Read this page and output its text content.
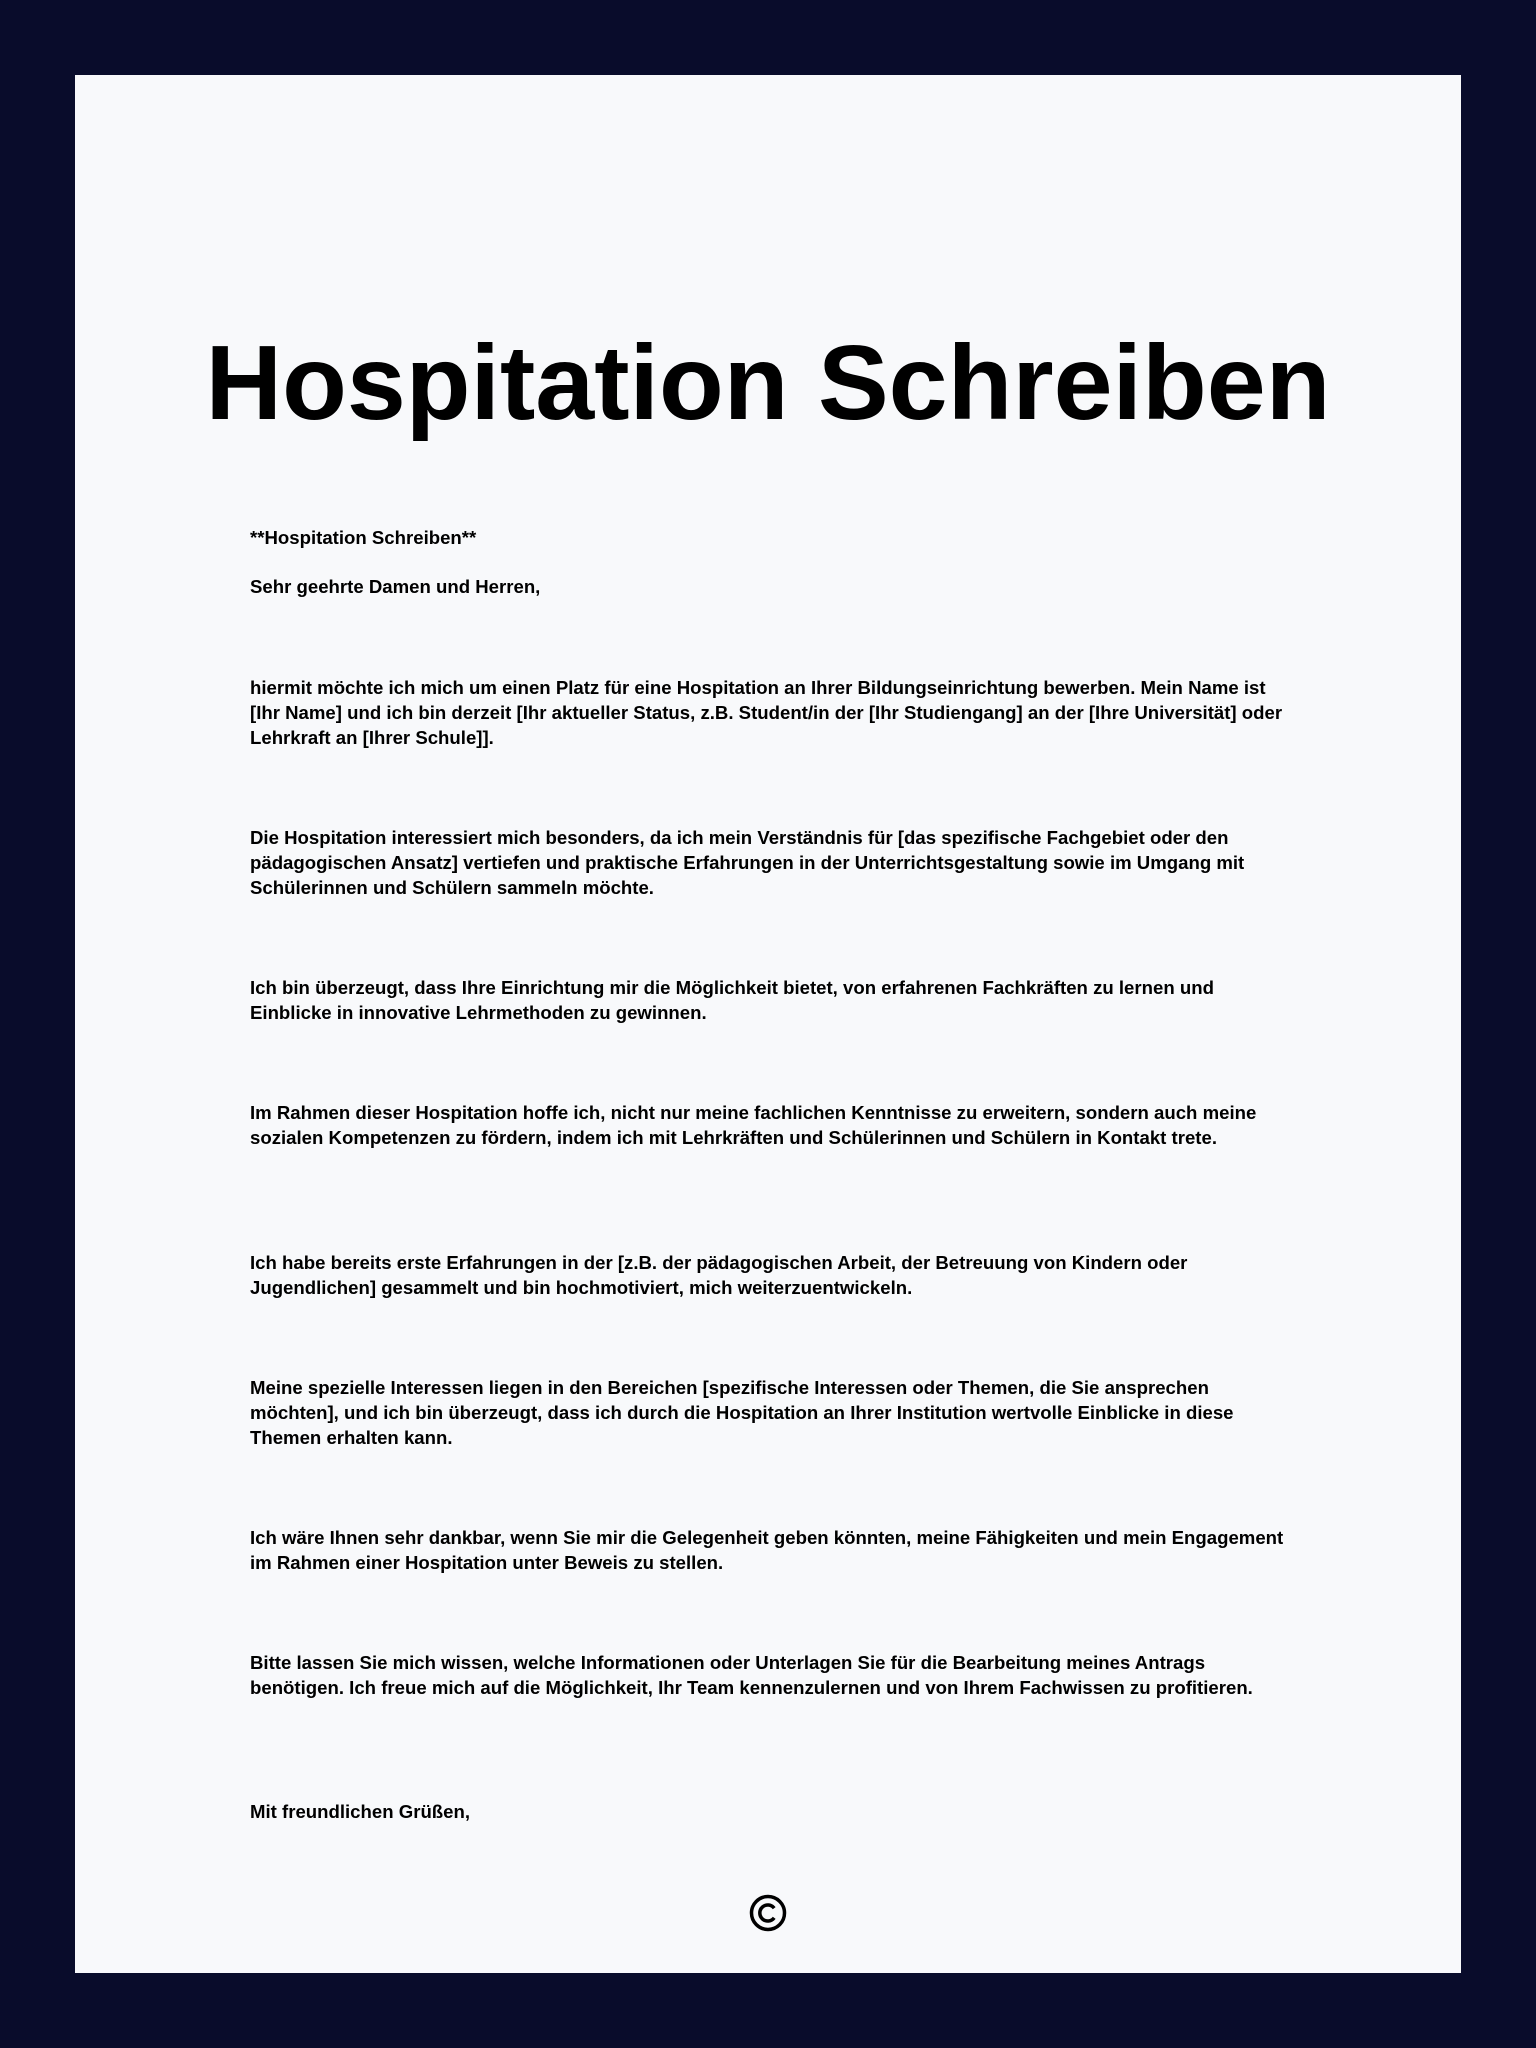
Hospitation Schreiben

**Hospitation Schreiben**

Sehr geehrte Damen und Herren,

hiermit möchte ich mich um einen Platz für eine Hospitation an Ihrer Bildungseinrichtung bewerben. Mein Name ist [Ihr Name] und ich bin derzeit [Ihr aktueller Status, z.B. Student/in der [Ihr Studiengang] an der [Ihre Universität] oder Lehrkraft an [Ihrer Schule]].

Die Hospitation interessiert mich besonders, da ich mein Verständnis für [das spezifische Fachgebiet oder den pädagogischen Ansatz] vertiefen und praktische Erfahrungen in der Unterrichtsgestaltung sowie im Umgang mit Schülerinnen und Schülern sammeln möchte.

Ich bin überzeugt, dass Ihre Einrichtung mir die Möglichkeit bietet, von erfahrenen Fachkräften zu lernen und Einblicke in innovative Lehrmethoden zu gewinnen.

Im Rahmen dieser Hospitation hoffe ich, nicht nur meine fachlichen Kenntnisse zu erweitern, sondern auch meine sozialen Kompetenzen zu fördern, indem ich mit Lehrkräften und Schülerinnen und Schülern in Kontakt trete.

Ich habe bereits erste Erfahrungen in der [z.B. der pädagogischen Arbeit, der Betreuung von Kindern oder Jugendlichen] gesammelt und bin hochmotiviert, mich weiterzuentwickeln.

Meine spezielle Interessen liegen in den Bereichen [spezifische Interessen oder Themen, die Sie ansprechen möchten], und ich bin überzeugt, dass ich durch die Hospitation an Ihrer Institution wertvolle Einblicke in diese Themen erhalten kann.

Ich wäre Ihnen sehr dankbar, wenn Sie mir die Gelegenheit geben könnten, meine Fähigkeiten und mein Engagement im Rahmen einer Hospitation unter Beweis zu stellen.

Bitte lassen Sie mich wissen, welche Informationen oder Unterlagen Sie für die Bearbeitung meines Antrags benötigen. Ich freue mich auf die Möglichkeit, Ihr Team kennenzulernen und von Ihrem Fachwissen zu profitieren.

Mit freundlichen Grüßen,
